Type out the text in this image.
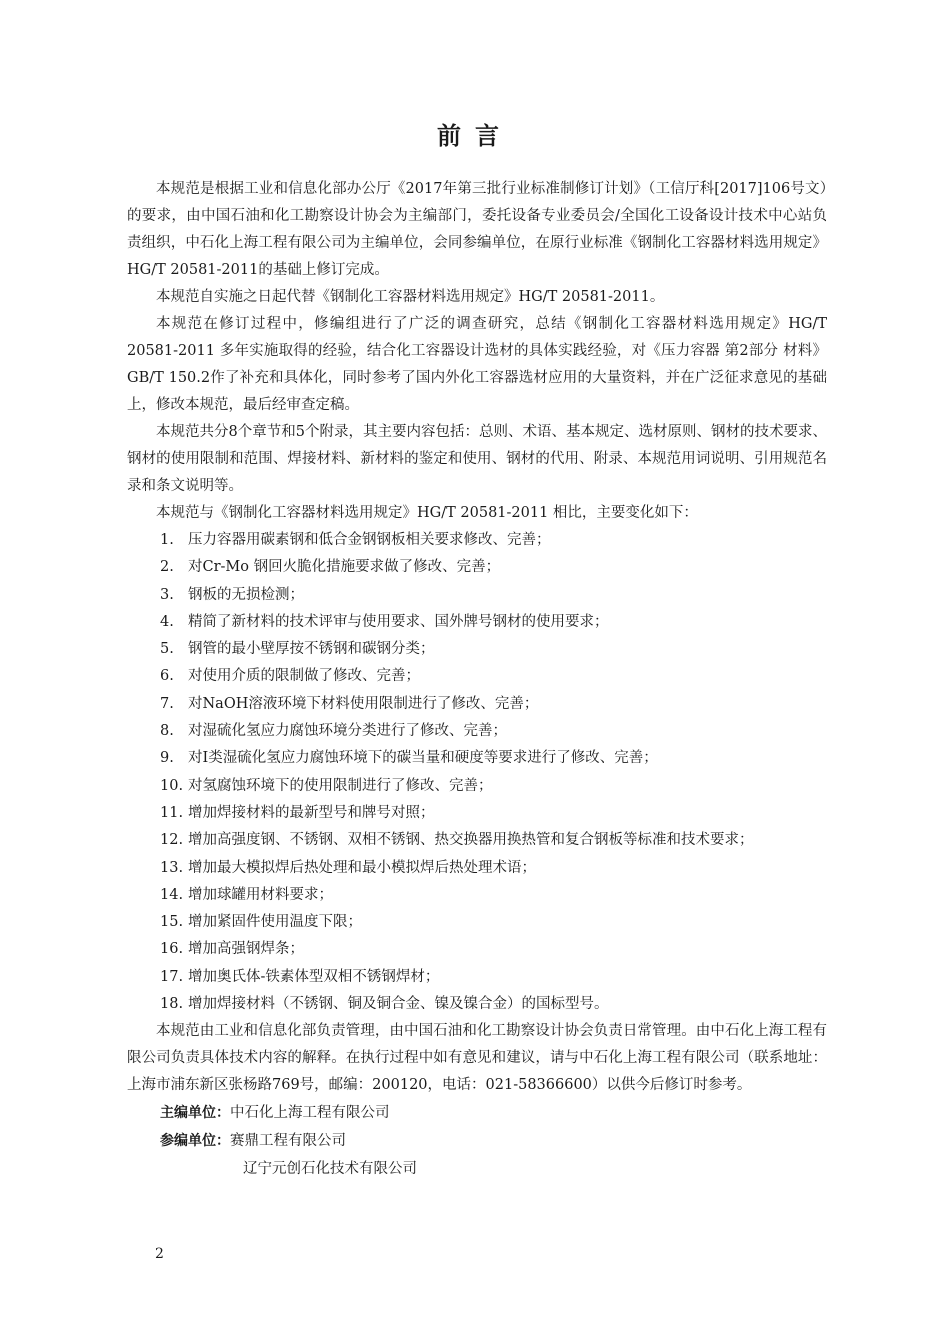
前言

本规范是根据工业和信息化部办公厅《2017年第三批行业标准制修订计划》（工信厅科[2017]106号文）的要求，由中国石油和化工勘察设计协会为主编部门，委托设备专业委员会/全国化工设备设计技术中心站负责组织，中石化上海工程有限公司为主编单位，会同参编单位，在原行业标准《钢制化工容器材料选用规定》HG/T 20581-2011的基础上修订完成。

本规范自实施之日起代替《钢制化工容器材料选用规定》HG/T 20581-2011。

本规范在修订过程中，修编组进行了广泛的调查研究，总结《钢制化工容器材料选用规定》HG/T 20581-2011 多年实施取得的经验，结合化工容器设计选材的具体实践经验，对《压力容器 第2部分 材料》GB/T 150.2作了补充和具体化，同时参考了国内外化工容器选材应用的大量资料，并在广泛征求意见的基础上，修改本规范，最后经审查定稿。

本规范共分8个章节和5个附录，其主要内容包括：总则、术语、基本规定、选材原则、钢材的技术要求、钢材的使用限制和范围、焊接材料、新材料的鉴定和使用、钢材的代用、附录、本规范用词说明、引用规范名录和条文说明等。

本规范与《钢制化工容器材料选用规定》HG/T 20581-2011 相比，主要变化如下：

1. 压力容器用碳素钢和低合金钢钢板相关要求修改、完善；
2. 对Cr-Mo 钢回火脆化措施要求做了修改、完善；
3. 钢板的无损检测；
4. 精简了新材料的技术评审与使用要求、国外牌号钢材的使用要求；
5. 钢管的最小壁厚按不锈钢和碳钢分类；
6. 对使用介质的限制做了修改、完善；
7. 对NaOH溶液环境下材料使用限制进行了修改、完善；
8. 对湿硫化氢应力腐蚀环境分类进行了修改、完善；
9. 对I类湿硫化氢应力腐蚀环境下的碳当量和硬度等要求进行了修改、完善；
10. 对氢腐蚀环境下的使用限制进行了修改、完善；
11. 增加焊接材料的最新型号和牌号对照；
12. 增加高强度钢、不锈钢、双相不锈钢、热交换器用换热管和复合钢板等标准和技术要求；
13. 增加最大模拟焊后热处理和最小模拟焊后热处理术语；
14. 增加球罐用材料要求；
15. 增加紧固件使用温度下限；
16. 增加高强钢焊条；
17. 增加奥氏体-铁素体型双相不锈钢焊材；
18. 增加焊接材料（不锈钢、铜及铜合金、镍及镍合金）的国标型号。

本规范由工业和信息化部负责管理，由中国石油和化工勘察设计协会负责日常管理。由中石化上海工程有限公司负责具体技术内容的解释。在执行过程中如有意见和建议，请与中石化上海工程有限公司（联系地址：上海市浦东新区张杨路769号，邮编：200120，电话：021-58366600）以供今后修订时参考。

主编单位：中石化上海工程有限公司

参编单位：赛鼎工程有限公司

辽宁元创石化技术有限公司

2
